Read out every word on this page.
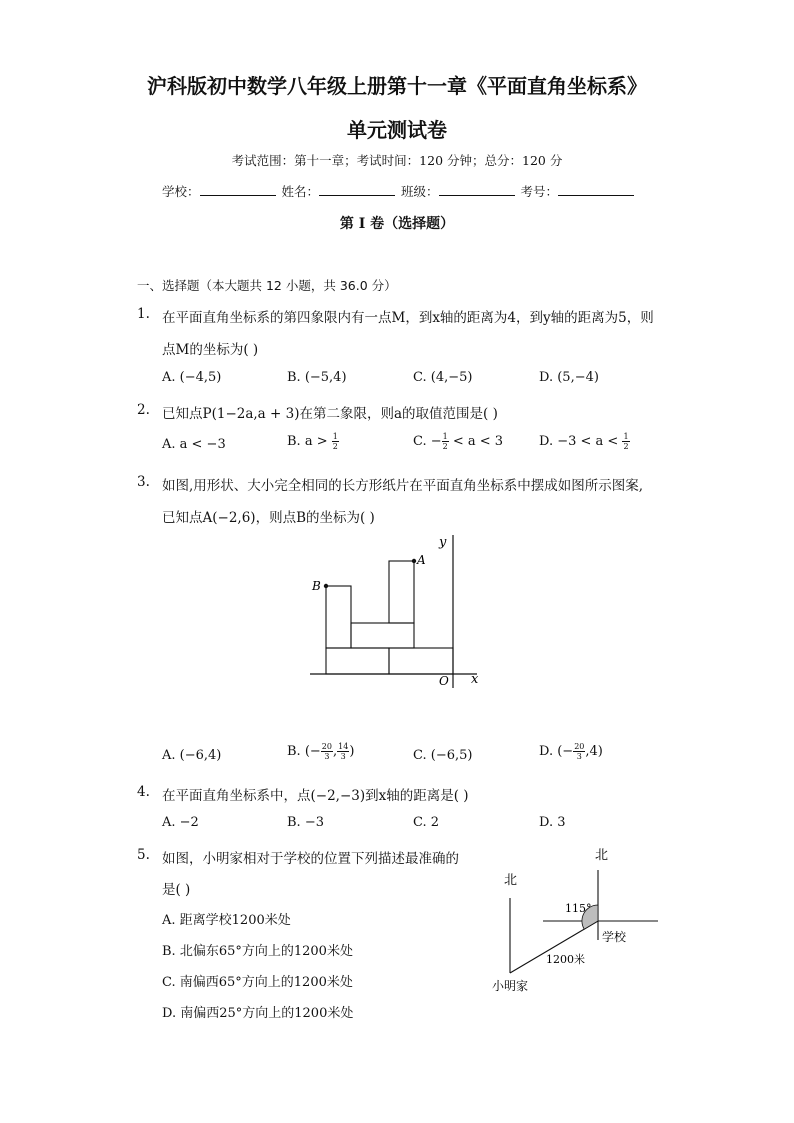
沪科版初中数学八年级上册第十一章《平面直角坐标系》
单元测试卷
考试范围：第十一章；考试时间：120 分钟；总分：120 分
学校：	姓名：	班级：	考号：
第 I 卷（选择题）
一、选择题（本大题共 12 小题，共 36.0 分）
1. 在平面直角坐标系的第四象限内有一点M，到x轴的距离为4，到y轴的距离为5，则
点M的坐标为( )
A. (−4,5)	B. (−5,4)	C. (4,−5)	D. (5,−4)
2. 已知点P(1−2a,a + 3)在第二象限，则a的取值范围是( )
A. a < −3	B. $a > \frac{1}{2}$	C. − $\frac{1}{2} < a < 3$	D. $-3 < a < \frac{1}{2}$
3. 如图,用形状、大小完全相同的长方形纸片在平面直角坐标系中摆成如图所示图案,
已知点A(−2,6)，则点B的坐标为( )
B
A
O x
y
A. (−6,4)	B. (− $\frac{20}{3}$ , $\frac{14}{3}$ )	C. (−6,5)	D. (− $\frac{20}{3} ,4$)
4. 在平面直角坐标系中，点(−2,−3)到x轴的距离是( )
A. −2	B. −3	C. 2	D. 3
5. 如图，小明家相对于学校的位置下列描述最准确的
是( )
A. 距离学校1200米处
B. 北偏东65°方向上的1200米处
C. 南偏西65°方向上的1200米处
D. 南偏西25°方向上的1200米处
北
北
115°
学校
1200米
小明家
